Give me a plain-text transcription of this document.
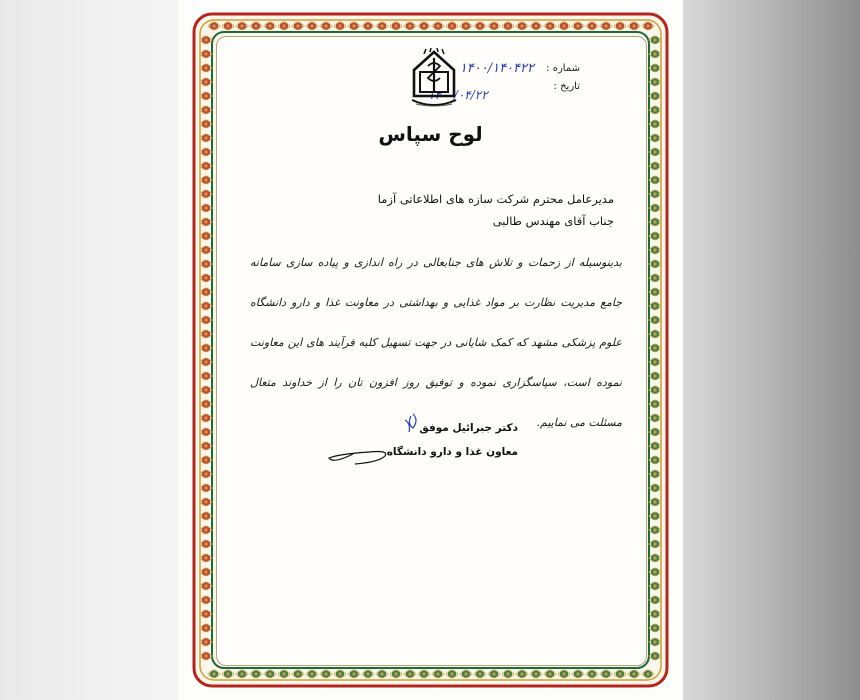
شماره :
۱۴۰۰/۱۴۰۴۲۲
تاریخ :
۱۴۰۰/۰۴/۲۲
لوح سپاس
مدیرعامل محترم شرکت سازه های اطلاعاتی آزما
جناب آقای مهندس طالبی
بدینوسیله از زحمات و تلاش های جنابعالی در راه اندازی و پیاده سازی سامانه جامع مدیریت نظارت بر مواد غذایی و بهداشتی در معاونت غذا و دارو دانشگاه علوم پزشکی مشهد که کمک شایانی در جهت تسهیل کلیه فرآیند های این معاونت نموده است، سپاسگزاری نموده و توفیق روز افزون تان را از خداوند متعال مسئلت می نماییم.
دکتر جبرائیل موفق
معاون غذا و دارو دانشگاه
